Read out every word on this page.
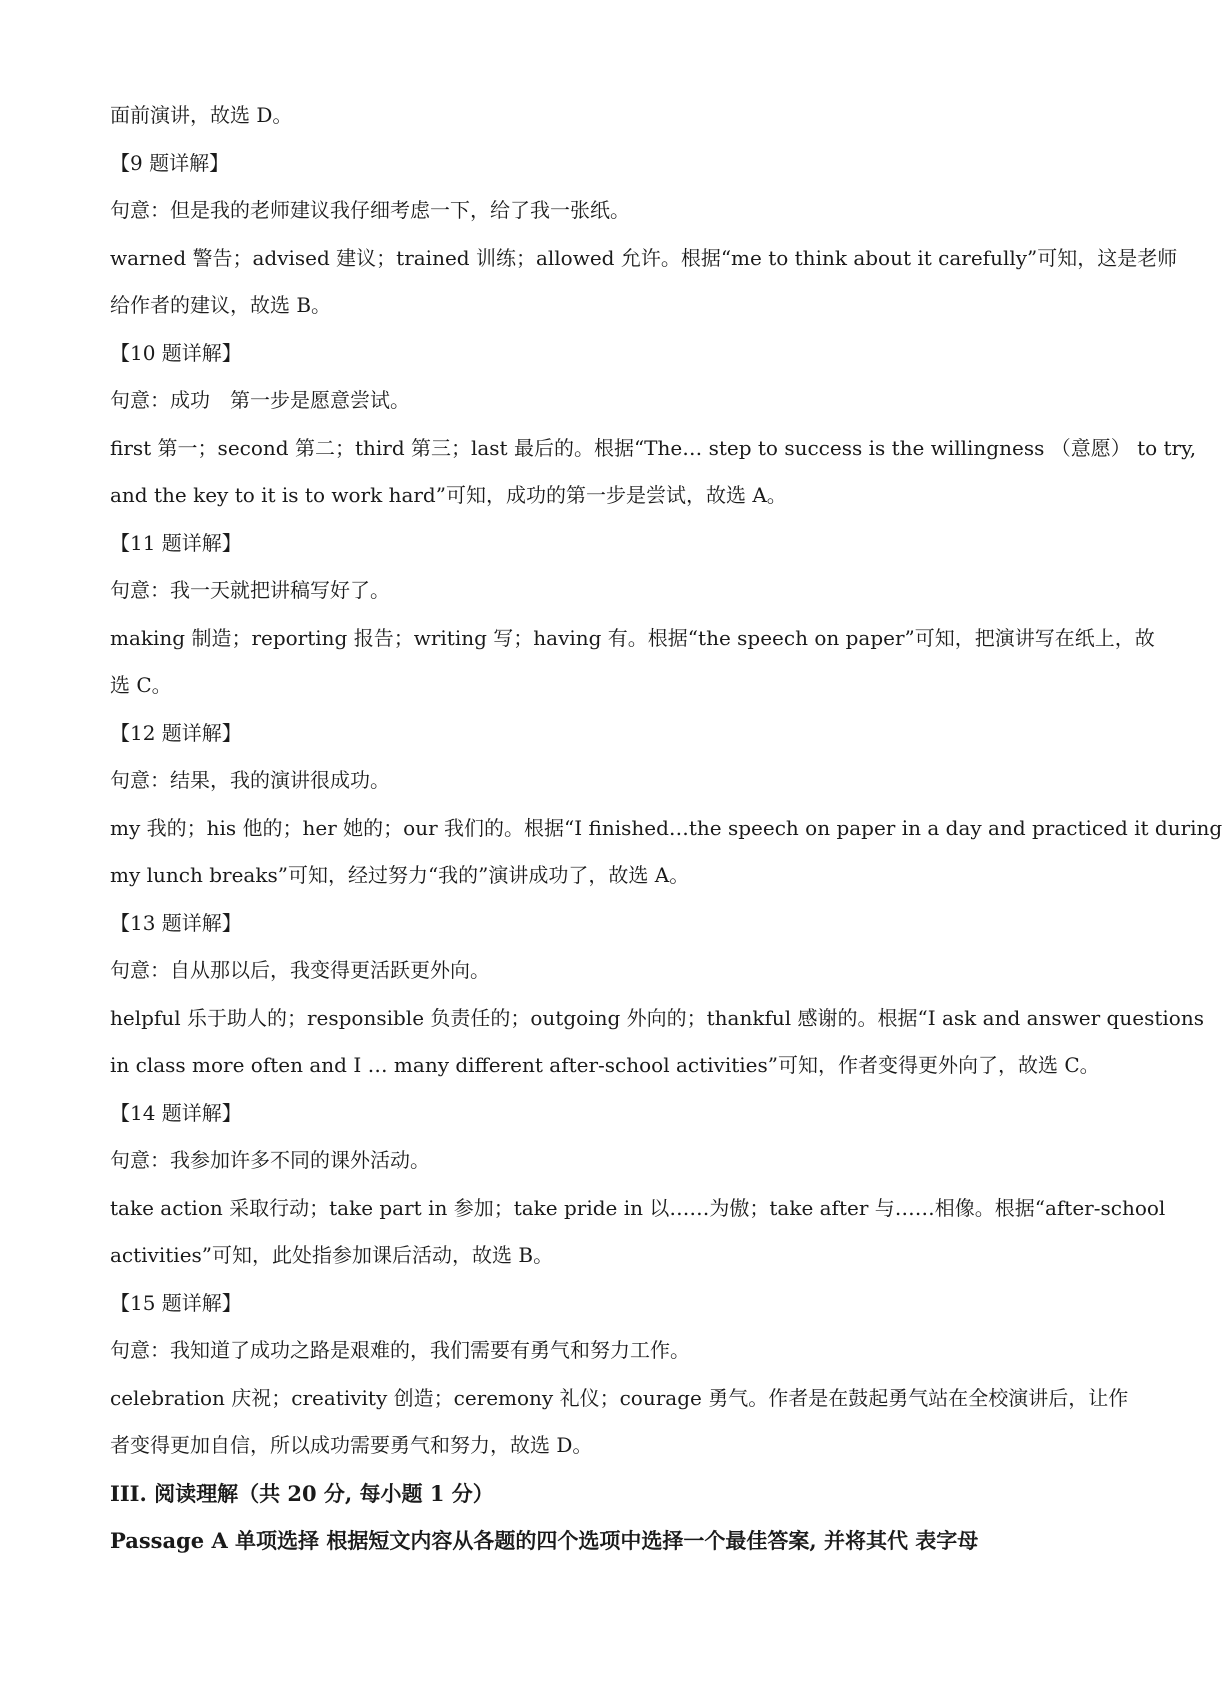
面前演讲，故选 D。
【9 题详解】
句意：但是我的老师建议我仔细考虑一下，给了我一张纸。
warned 警告；advised 建议；trained 训练；allowed 允许。根据“me to think about it carefully”可知，这是老师
给作者的建议，故选 B。
【10 题详解】
句意：成功　第一步是愿意尝试。
first 第一；second 第二；third 第三；last 最后的。根据“The… step to success is the willingness （意愿） to try,
and the key to it is to work hard”可知，成功的第一步是尝试，故选 A。
【11 题详解】
句意：我一天就把讲稿写好了。
making 制造；reporting 报告；writing 写；having 有。根据“the speech on paper”可知，把演讲写在纸上，故
选 C。
【12 题详解】
句意：结果，我的演讲很成功。
my 我的；his 他的；her 她的；our 我们的。根据“I finished…the speech on paper in a day and practiced it during
my lunch breaks”可知，经过努力“我的”演讲成功了，故选 A。
【13 题详解】
句意：自从那以后，我变得更活跃更外向。
helpful 乐于助人的；responsible 负责任的；outgoing 外向的；thankful 感谢的。根据“I ask and answer questions
in class more often and I … many different after-school activities”可知，作者变得更外向了，故选 C。
【14 题详解】
句意：我参加许多不同的课外活动。
take action 采取行动；take part in 参加；take pride in 以……为傲；take after 与……相像。根据“after-school
activities”可知，此处指参加课后活动，故选 B。
【15 题详解】
句意：我知道了成功之路是艰难的，我们需要有勇气和努力工作。
celebration 庆祝；creativity 创造；ceremony 礼仪；courage 勇气。作者是在鼓起勇气站在全校演讲后，让作
者变得更加自信，所以成功需要勇气和努力，故选 D。
III. 阅读理解（共 20 分, 每小题 1 分）
Passage A 单项选择 根据短文内容从各题的四个选项中选择一个最佳答案, 并将其代 表字母
